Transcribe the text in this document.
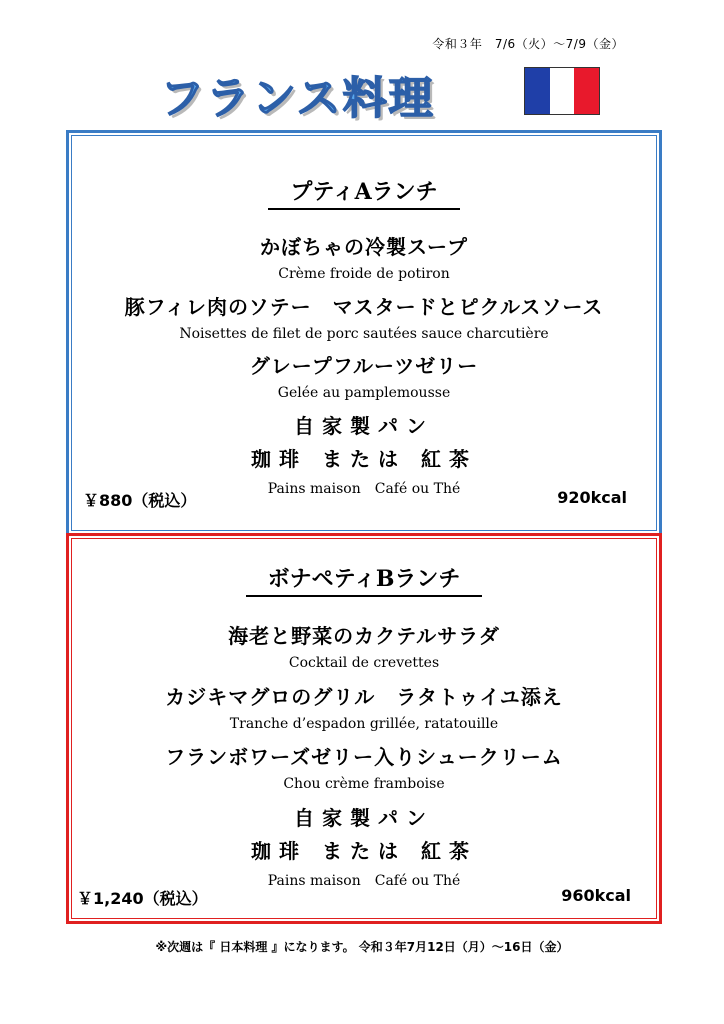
令和３年　7/6（火）～7/9（金）
フランス料理
プティAランチ
かぼちゃの冷製スープ
Crème froide de potiron
豚フィレ肉のソテー　マスタードとピクルスソース
Noisettes de filet de porc sautées sauce charcutière
グレープフルーツゼリー
Gelée au pamplemousse
自家製パン
珈琲 または 紅茶
Pains maison　Café ou Thé
￥880（税込）	920kcal
ボナペティBランチ
海老と野菜のカクテルサラダ
Cocktail de crevettes
カジキマグロのグリル　ラタトゥイユ添え
Tranche d’espadon grillée, ratatouille
フランボワーズゼリー入りシュークリーム
Chou crème framboise
自家製パン
珈琲 または 紅茶
Pains maison　Café ou Thé
￥1,240（税込）	960kcal
※次週は『 日本料理 』になります。 令和３年7月12日（月）～16日（金）
